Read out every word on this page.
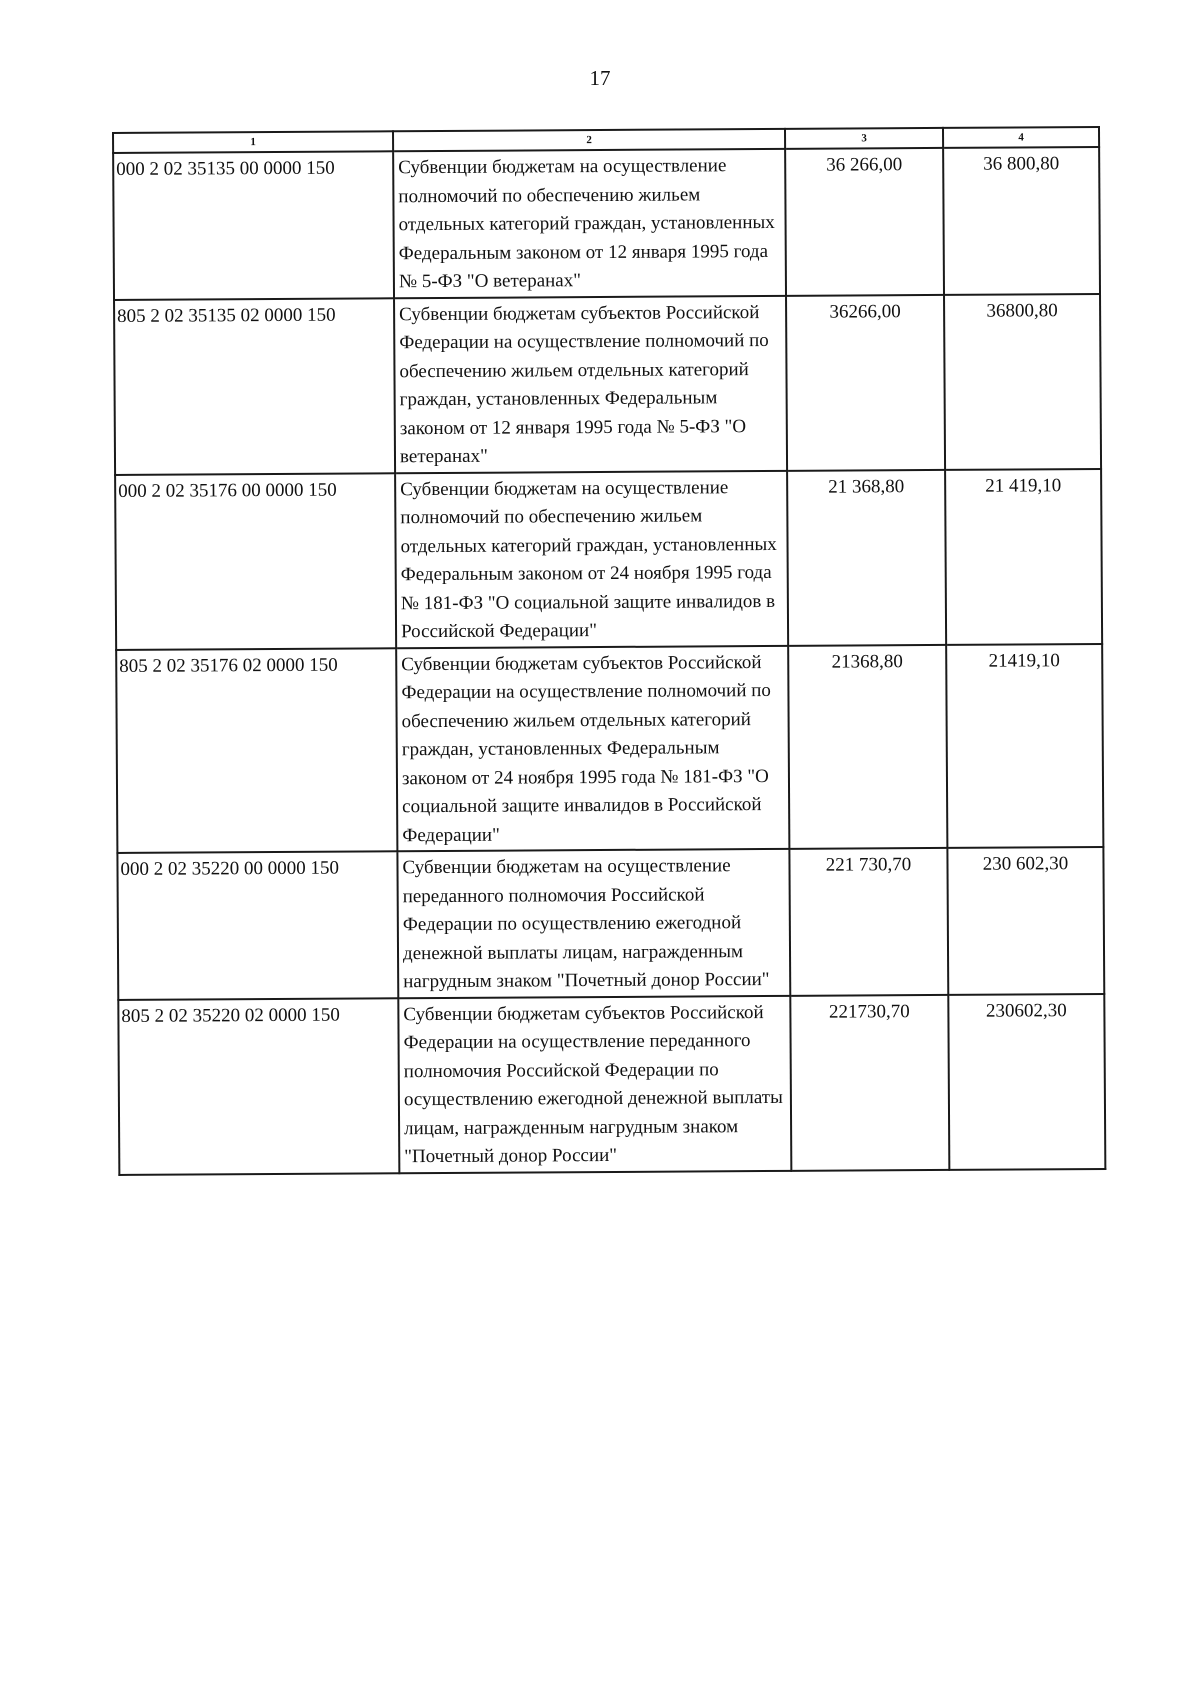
17
1	2	3	4
000 2 02 35135 00 0000 150	Субвенции бюджетам на осуществление полномочий по обеспечению жильем отдельных категорий граждан, установленных Федеральным законом от 12 января 1995 года № 5-ФЗ "О ветеранах"	36 266,00	36 800,80
805 2 02 35135 02 0000 150	Субвенции бюджетам субъектов Российской Федерации на осуществление полномочий по обеспечению жильем отдельных категорий граждан, установленных Федеральным законом от 12 января 1995 года № 5-ФЗ "О ветеранах"	36266,00	36800,80
000 2 02 35176 00 0000 150	Субвенции бюджетам на осуществление полномочий по обеспечению жильем отдельных категорий граждан, установленных Федеральным законом от 24 ноября 1995 года № 181-ФЗ "О социальной защите инвалидов в Российской Федерации"	21 368,80	21 419,10
805 2 02 35176 02 0000 150	Субвенции бюджетам субъектов Российской Федерации на осуществление полномочий по обеспечению жильем отдельных категорий граждан, установленных Федеральным законом от 24 ноября 1995 года № 181-ФЗ "О социальной защите инвалидов в Российской Федерации"	21368,80	21419,10
000 2 02 35220 00 0000 150	Субвенции бюджетам на осуществление переданного полномочия Российской Федерации по осуществлению ежегодной денежной выплаты лицам, награжденным нагрудным знаком "Почетный донор России"	221 730,70	230 602,30
805 2 02 35220 02 0000 150	Субвенции бюджетам субъектов Российской Федерации на осуществление переданного полномочия Российской Федерации по осуществлению ежегодной денежной выплаты лицам, награжденным нагрудным знаком "Почетный донор России"	221730,70	230602,30
